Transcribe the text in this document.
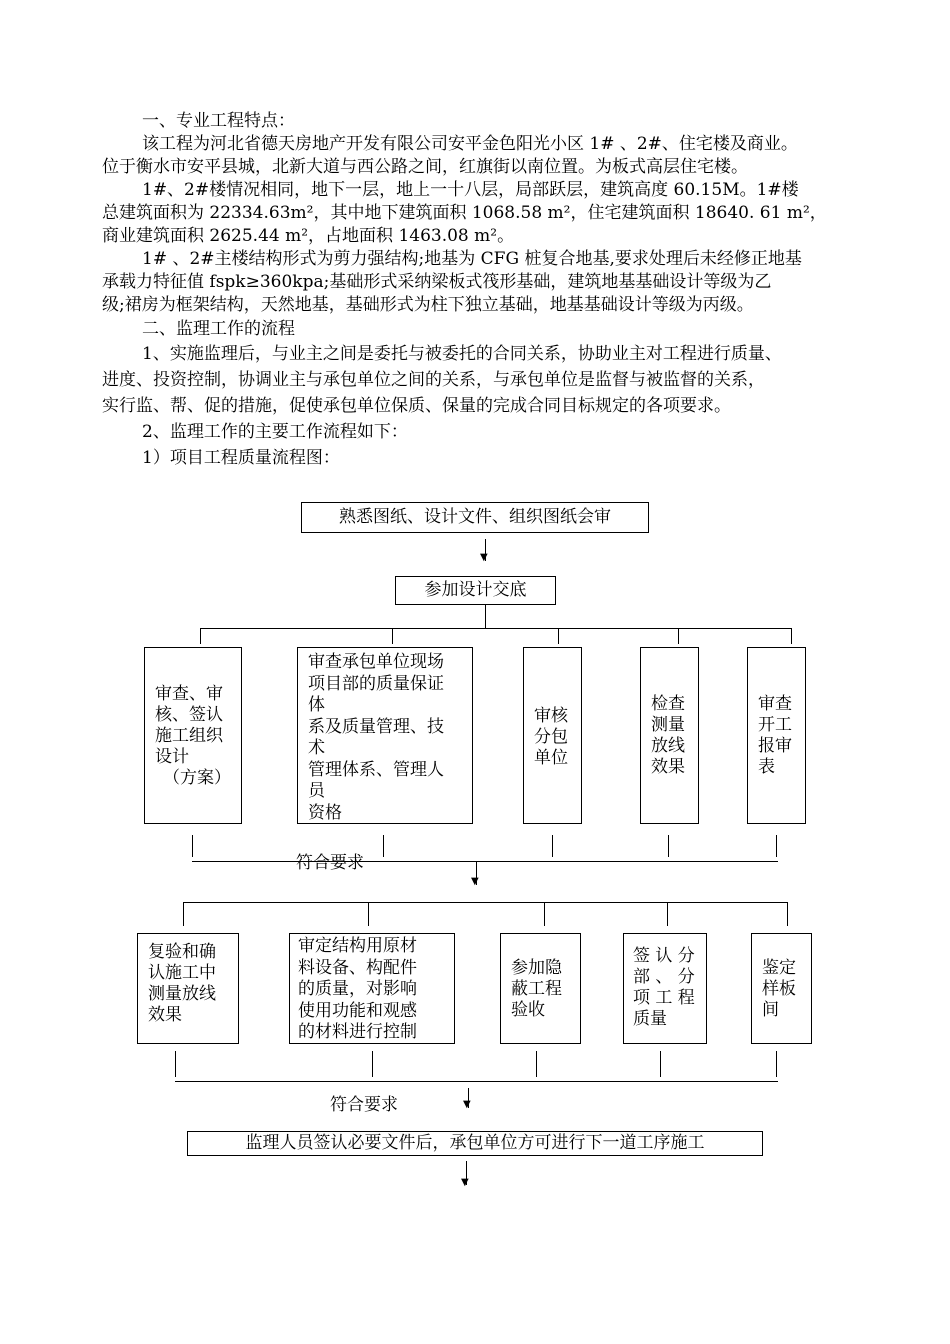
一、专业工程特点：
该工程为河北省德天房地产开发有限公司安平金色阳光小区 1# 、2#、住宅楼及商业。
位于衡水市安平县城，北新大道与西公路之间，红旗街以南位置。为板式高层住宅楼。
1#、2#楼情况相同，地下一层，地上一十八层，局部跃层，建筑高度 60.15M。1#楼
总建筑面积为 22334.63m²，其中地下建筑面积 1068.58 m²，住宅建筑面积 18640. 61 m²，
商业建筑面积 2625.44 m²，占地面积 1463.08 m²。
1# 、2#主楼结构形式为剪力强结构;地基为 CFG 桩复合地基,要求处理后未经修正地基
承载力特征值 fspk≥360kpa;基础形式采纳梁板式筏形基础，建筑地基基础设计等级为乙
级;裙房为框架结构，天然地基，基础形式为柱下独立基础，地基基础设计等级为丙级。
二、监理工作的流程
1、实施监理后，与业主之间是委托与被委托的合同关系，协助业主对工程进行质量、
进度、投资控制，协调业主与承包单位之间的关系，与承包单位是监督与被监督的关系，
实行监、帮、促的措施，促使承包单位保质、保量的完成合同目标规定的各项要求。
2、监理工作的主要工作流程如下：
1）项目工程质量流程图：
熟悉图纸、设计文件、组织图纸会审
▼
参加设计交底
审查、审
核、签认
施工组织
设计
（方案）
审查承包单位现场
项目部的质量保证
体
系及质量管理、技
术
管理体系、管理人
员
资格
审核
分包
单位
检查
测量
放线
效果
审查
开工
报审
表
符合要求
▼
复验和确
认施工中
测量放线
效果
审定结构用原材
料设备、构配件
的质量，对影响
使用功能和观感
的材料进行控制
参加隐
蔽工程
验收
签 认 分
部 、 分
项 工 程
质量
鉴定
样板
间
符合要求	▼
监理人员签认必要文件后，承包单位方可进行下一道工序施工
▼
